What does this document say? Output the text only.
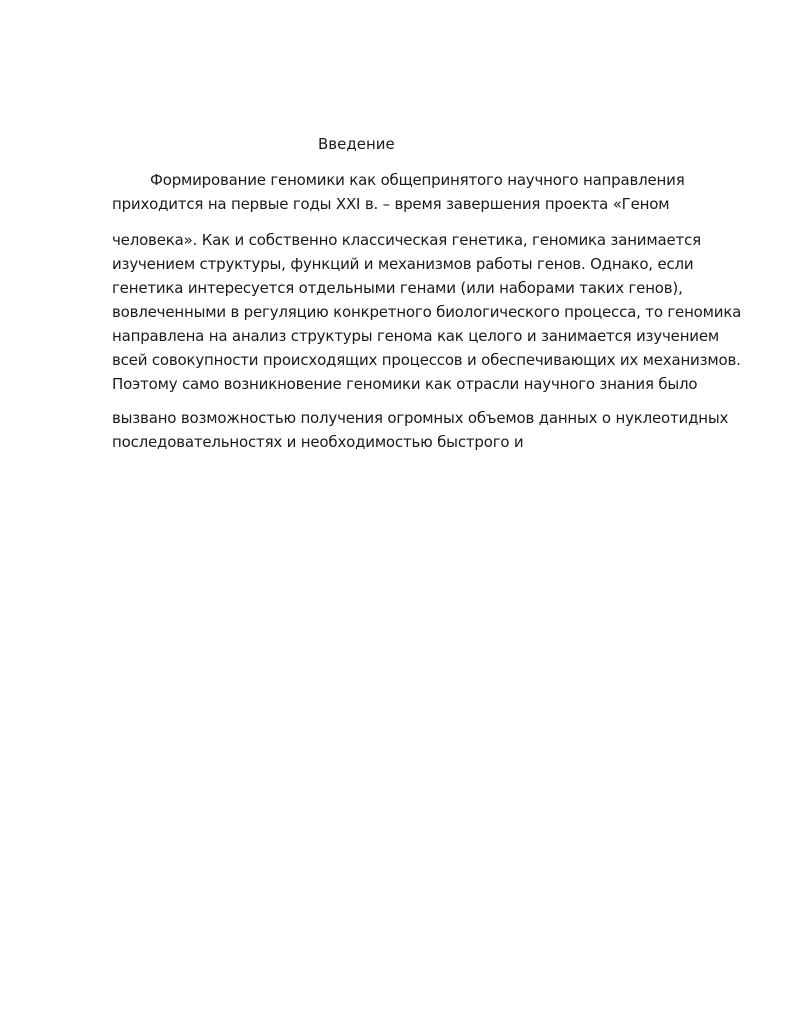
Введение
Формирование геномики как общепринятого научного направления
приходится на первые годы XXI в. – время завершения проекта «Геном
человека». Как и собственно классическая генетика, геномика занимается
изучением структуры, функций и механизмов работы генов. Однако, если
генетика интересуется отдельными генами (или наборами таких генов),
вовлеченными в регуляцию конкретного биологического процесса, то геномика
направлена на анализ структуры генома как целого и занимается изучением
всей совокупности происходящих процессов и обеспечивающих их механизмов.
Поэтому само возникновение геномики как отрасли научного знания было
вызвано возможностью получения огромных объемов данных о нуклеотидных
последовательностях и необходимостью быстрого и
